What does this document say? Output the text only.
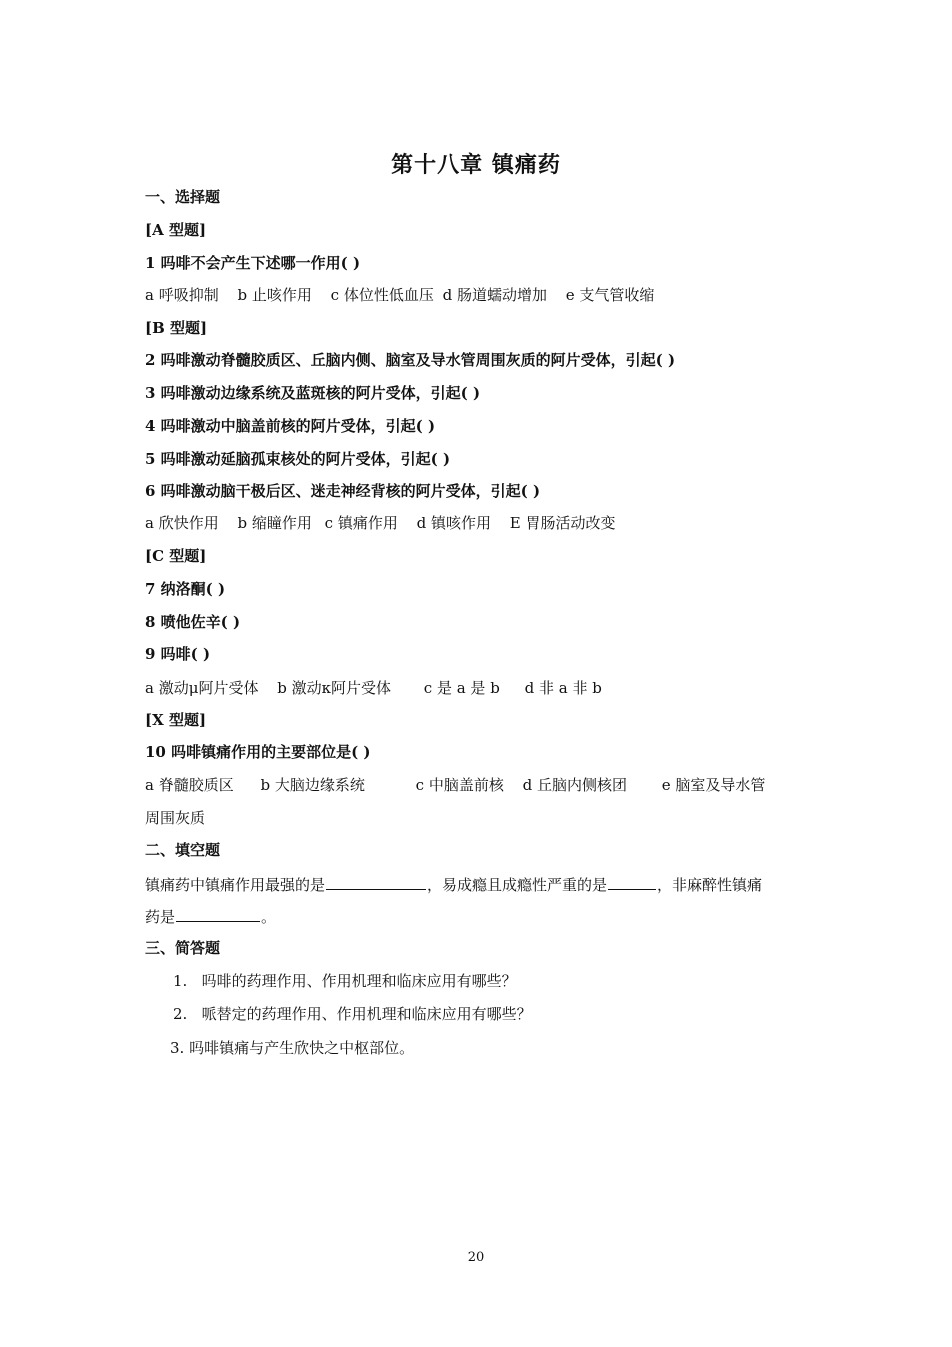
第十八章 镇痛药
一、选择题
[A 型题]
1 吗啡不会产生下述哪一作用( )
a 呼吸抑制 b 止咳作用 c 体位性低血压 d 肠道蠕动增加 e 支气管收缩
[B 型题]
2 吗啡激动脊髓胶质区、丘脑内侧、脑室及导水管周围灰质的阿片受体，引起( )
3 吗啡激动边缘系统及蓝斑核的阿片受体，引起( )
4 吗啡激动中脑盖前核的阿片受体，引起( )
5 吗啡激动延脑孤束核处的阿片受体，引起( )
6 吗啡激动脑干极后区、迷走神经背核的阿片受体，引起( )
a 欣快作用 b 缩瞳作用 c 镇痛作用 d 镇咳作用 E 胃肠活动改变
[C 型题]
7 纳洛酮( )
8 喷他佐辛( )
9 吗啡( )
a 激动μ阿片受体 b 激动κ阿片受体 c 是 a 是 b d 非 a 非 b
[X 型题]
10 吗啡镇痛作用的主要部位是( )
a 脊髓胶质区 b 大脑边缘系统	c 中脑盖前核 d 丘脑内侧核团 e 脑室及导水管
周围灰质
二、填空题
镇痛药中镇痛作用最强的是	，易成瘾且成瘾性严重的是	，非麻醉性镇痛
药是	。
三、简答题
1. 吗啡的药理作用、作用机理和临床应用有哪些？
2. 哌替定的药理作用、作用机理和临床应用有哪些？
3. 吗啡镇痛与产生欣快之中枢部位。
20
